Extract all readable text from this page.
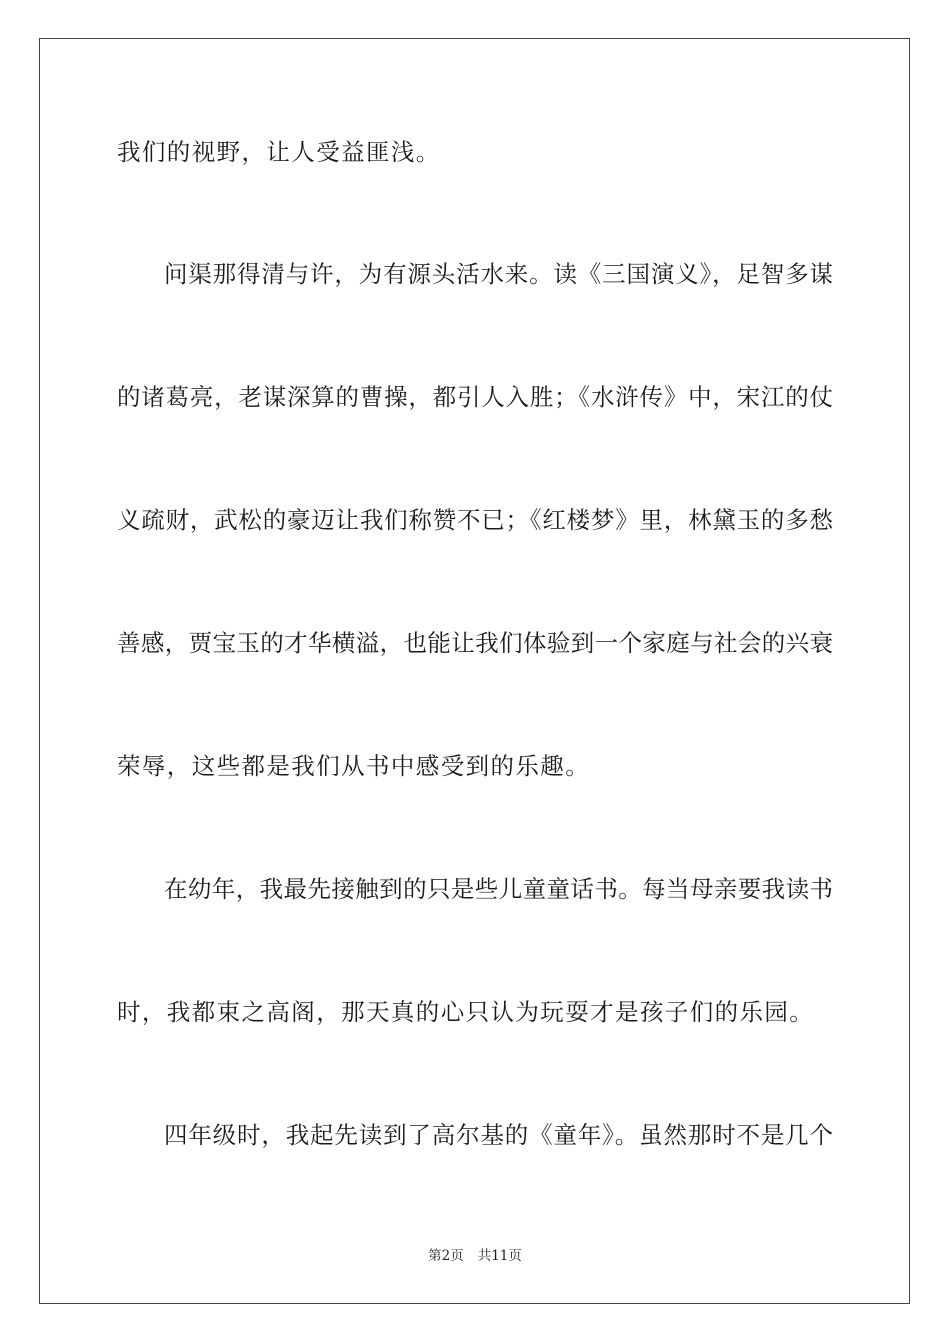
我们的视野，让人受益匪浅。
问渠那得清与许，为有源头活水来。读《三国演义》，足智多谋
的诸葛亮，老谋深算的曹操，都引人入胜；《水浒传》中，宋江的仗
义疏财，武松的豪迈让我们称赞不已；《红楼梦》里，林黛玉的多愁
善感，贾宝玉的才华横溢，也能让我们体验到一个家庭与社会的兴衰
荣辱，这些都是我们从书中感受到的乐趣。
在幼年，我最先接触到的只是些儿童童话书。每当母亲要我读书
时，我都束之高阁，那天真的心只认为玩耍才是孩子们的乐园。
四年级时，我起先读到了高尔基的《童年》。虽然那时不是几个
第2页 共11页
